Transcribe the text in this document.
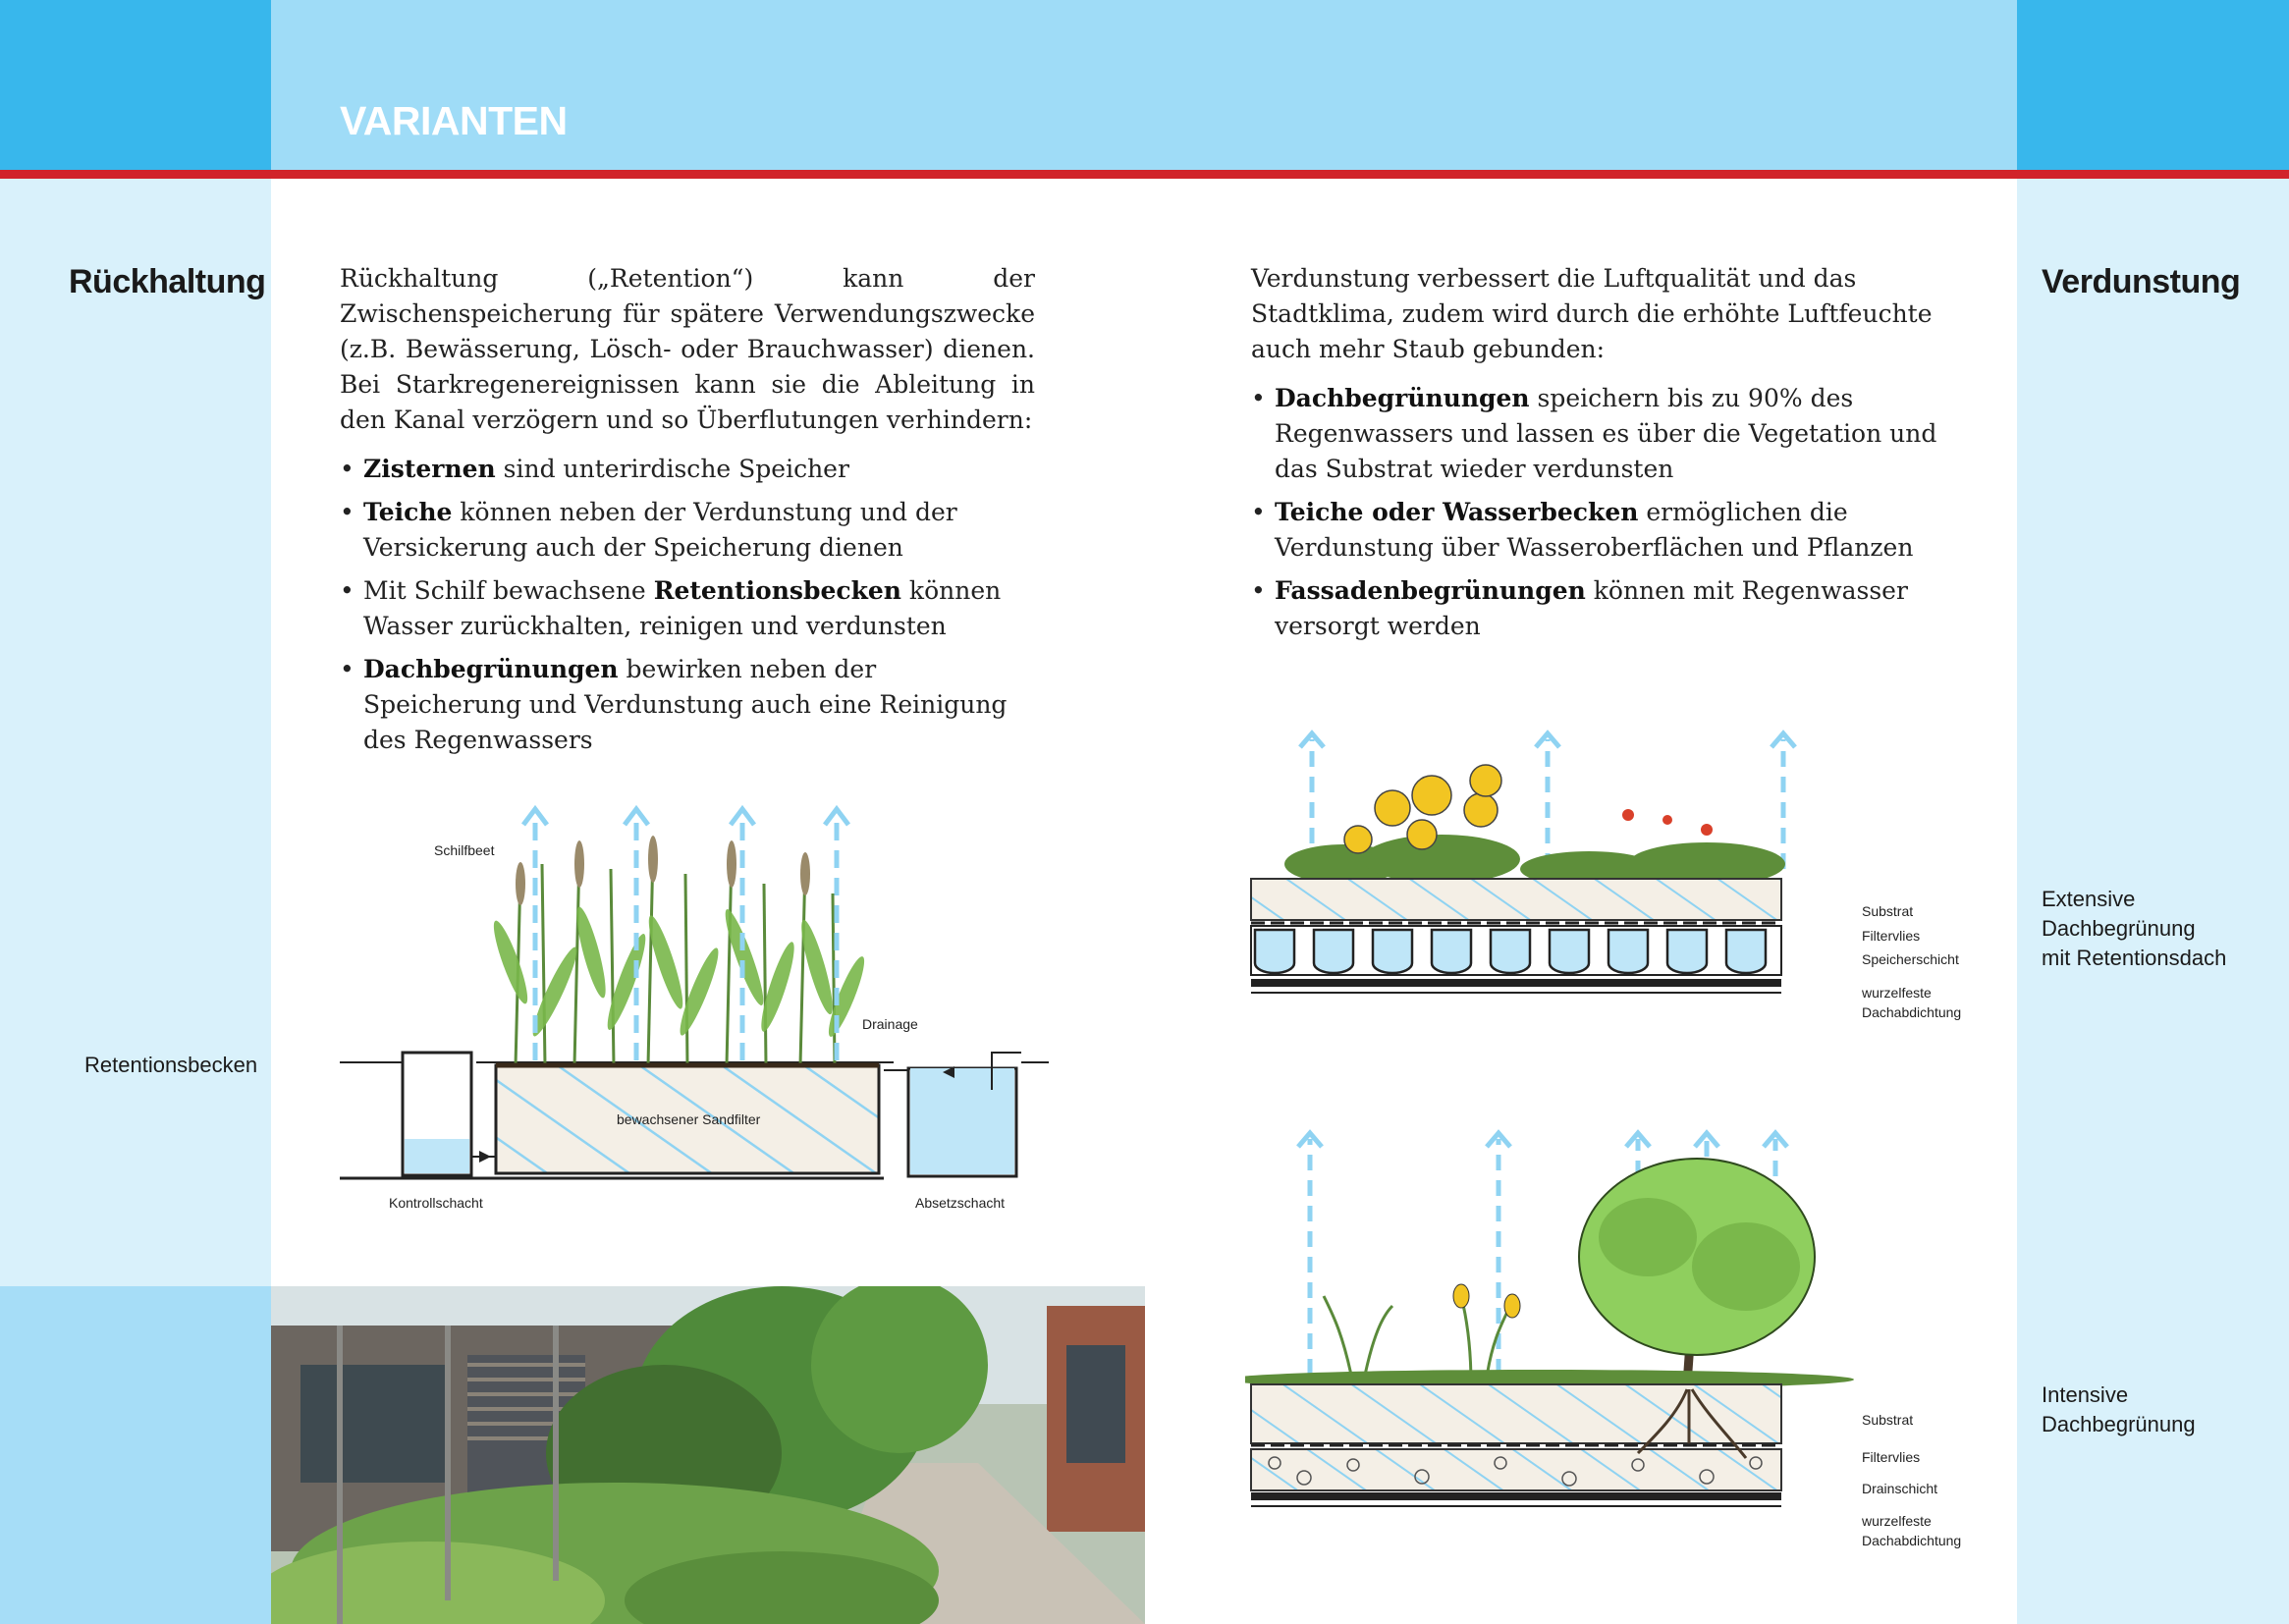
VARIANTEN
Rückhaltung
Retentionsbecken
Verdunstung
Extensive
Dachbegrünung
mit Retentionsdach
Intensive
Dachbegrünung

Rückhaltung („Retention“) kann der Zwischenspeicherung für spätere Verwendungszwecke (z.B. Bewässerung, Lösch- oder Brauchwasser) dienen. Bei Starkregenereignissen kann sie die Ableitung in den Kanal verzögern und so Überflutungen verhindern:

• Zisternen sind unterirdische Speicher
• Teiche können neben der Verdunstung und der Versickerung auch der Speicherung dienen
• Mit Schilf bewachsene Retentionsbecken können Wasser zurückhalten, reinigen und verdunsten
• Dachbegrünungen bewirken neben der Speicherung und Verdunstung auch eine Reinigung des Regenwassers

Verdunstung verbessert die Luftqualität und das Stadtklima, zudem wird durch die erhöhte Luftfeuchte auch mehr Staub gebunden:

• Dachbegrünungen speichern bis zu 90% des Regenwassers und lassen es über die Vegetation und das Substrat wieder verdunsten
• Teiche oder Wasserbecken ermöglichen die Verdunstung über Wasseroberflächen und Pflanzen
• Fassadenbegrünungen können mit Regenwasser versorgt werden
Schilfbeet
Drainage
bewachsener Sandfilter
Kontrollschacht	Absetzschacht
Substrat
Filtervlies
Speicherschicht
wurzelfeste
Dachabdichtung
Substrat
Filtervlies
Drainschicht
wurzelfeste
Dachabdichtung
